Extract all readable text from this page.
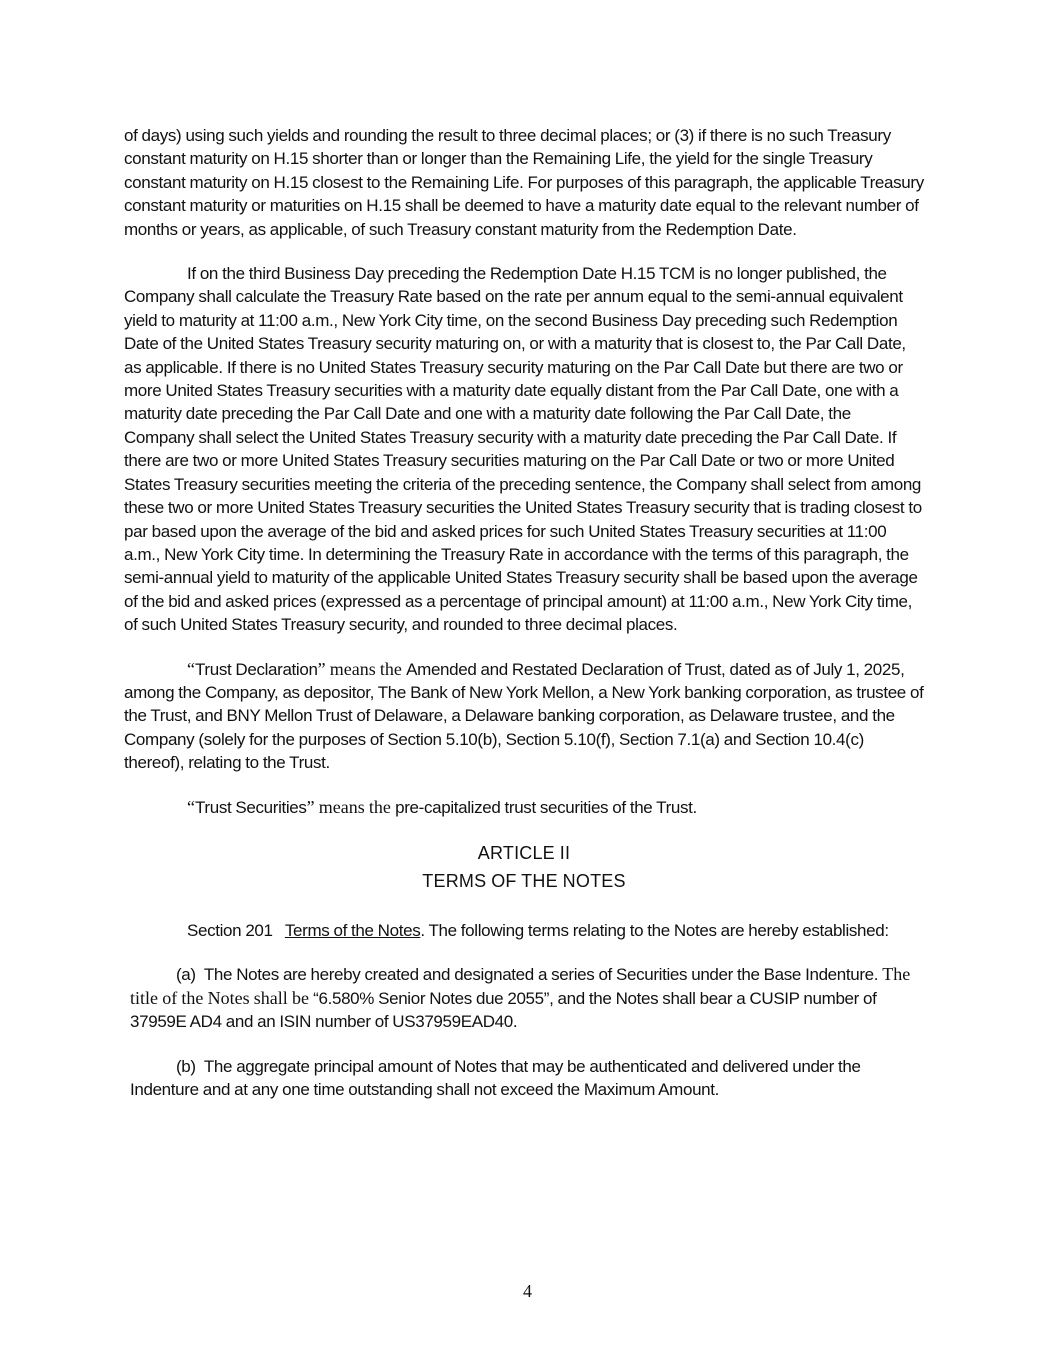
of days) using such yields and rounding the result to three decimal places; or (3) if there is no such Treasury constant maturity on H.15 shorter than or longer than the Remaining Life, the yield for the single Treasury constant maturity on H.15 closest to the Remaining Life. For purposes of this paragraph, the applicable Treasury constant maturity or maturities on H.15 shall be deemed to have a maturity date equal to the relevant number of months or years, as applicable, of such Treasury constant maturity from the Redemption Date.

If on the third Business Day preceding the Redemption Date H.15 TCM is no longer published, the Company shall calculate the Treasury Rate based on the rate per annum equal to the semi-annual equivalent yield to maturity at 11:00 a.m., New York City time, on the second Business Day preceding such Redemption Date of the United States Treasury security maturing on, or with a maturity that is closest to, the Par Call Date, as applicable. If there is no United States Treasury security maturing on the Par Call Date but there are two or more United States Treasury securities with a maturity date equally distant from the Par Call Date, one with a maturity date preceding the Par Call Date and one with a maturity date following the Par Call Date, the Company shall select the United States Treasury security with a maturity date preceding the Par Call Date. If there are two or more United States Treasury securities maturing on the Par Call Date or two or more United States Treasury securities meeting the criteria of the preceding sentence, the Company shall select from among these two or more United States Treasury securities the United States Treasury security that is trading closest to par based upon the average of the bid and asked prices for such United States Treasury securities at 11:00 a.m., New York City time. In determining the Treasury Rate in accordance with the terms of this paragraph, the semi-annual yield to maturity of the applicable United States Treasury security shall be based upon the average of the bid and asked prices (expressed as a percentage of principal amount) at 11:00 a.m., New York City time, of such United States Treasury security, and rounded to three decimal places.

“Trust Declaration” means the Amended and Restated Declaration of Trust, dated as of July 1, 2025, among the Company, as depositor, The Bank of New York Mellon, a New York banking corporation, as trustee of the Trust, and BNY Mellon Trust of Delaware, a Delaware banking corporation, as Delaware trustee, and the Company (solely for the purposes of Section 5.10(b), Section 5.10(f), Section 7.1(a) and Section 10.4(c) thereof), relating to the Trust.

“Trust Securities” means the pre-capitalized trust securities of the Trust.

ARTICLE II

TERMS OF THE NOTES

Section 201 Terms of the Notes. The following terms relating to the Notes are hereby established:

(a) The Notes are hereby created and designated a series of Securities under the Base Indenture. The title of the Notes shall be “6.580% Senior Notes due 2055”, and the Notes shall bear a CUSIP number of 37959E AD4 and an ISIN number of US37959EAD40.

(b) The aggregate principal amount of Notes that may be authenticated and delivered under the Indenture and at any one time outstanding shall not exceed the Maximum Amount.

4
